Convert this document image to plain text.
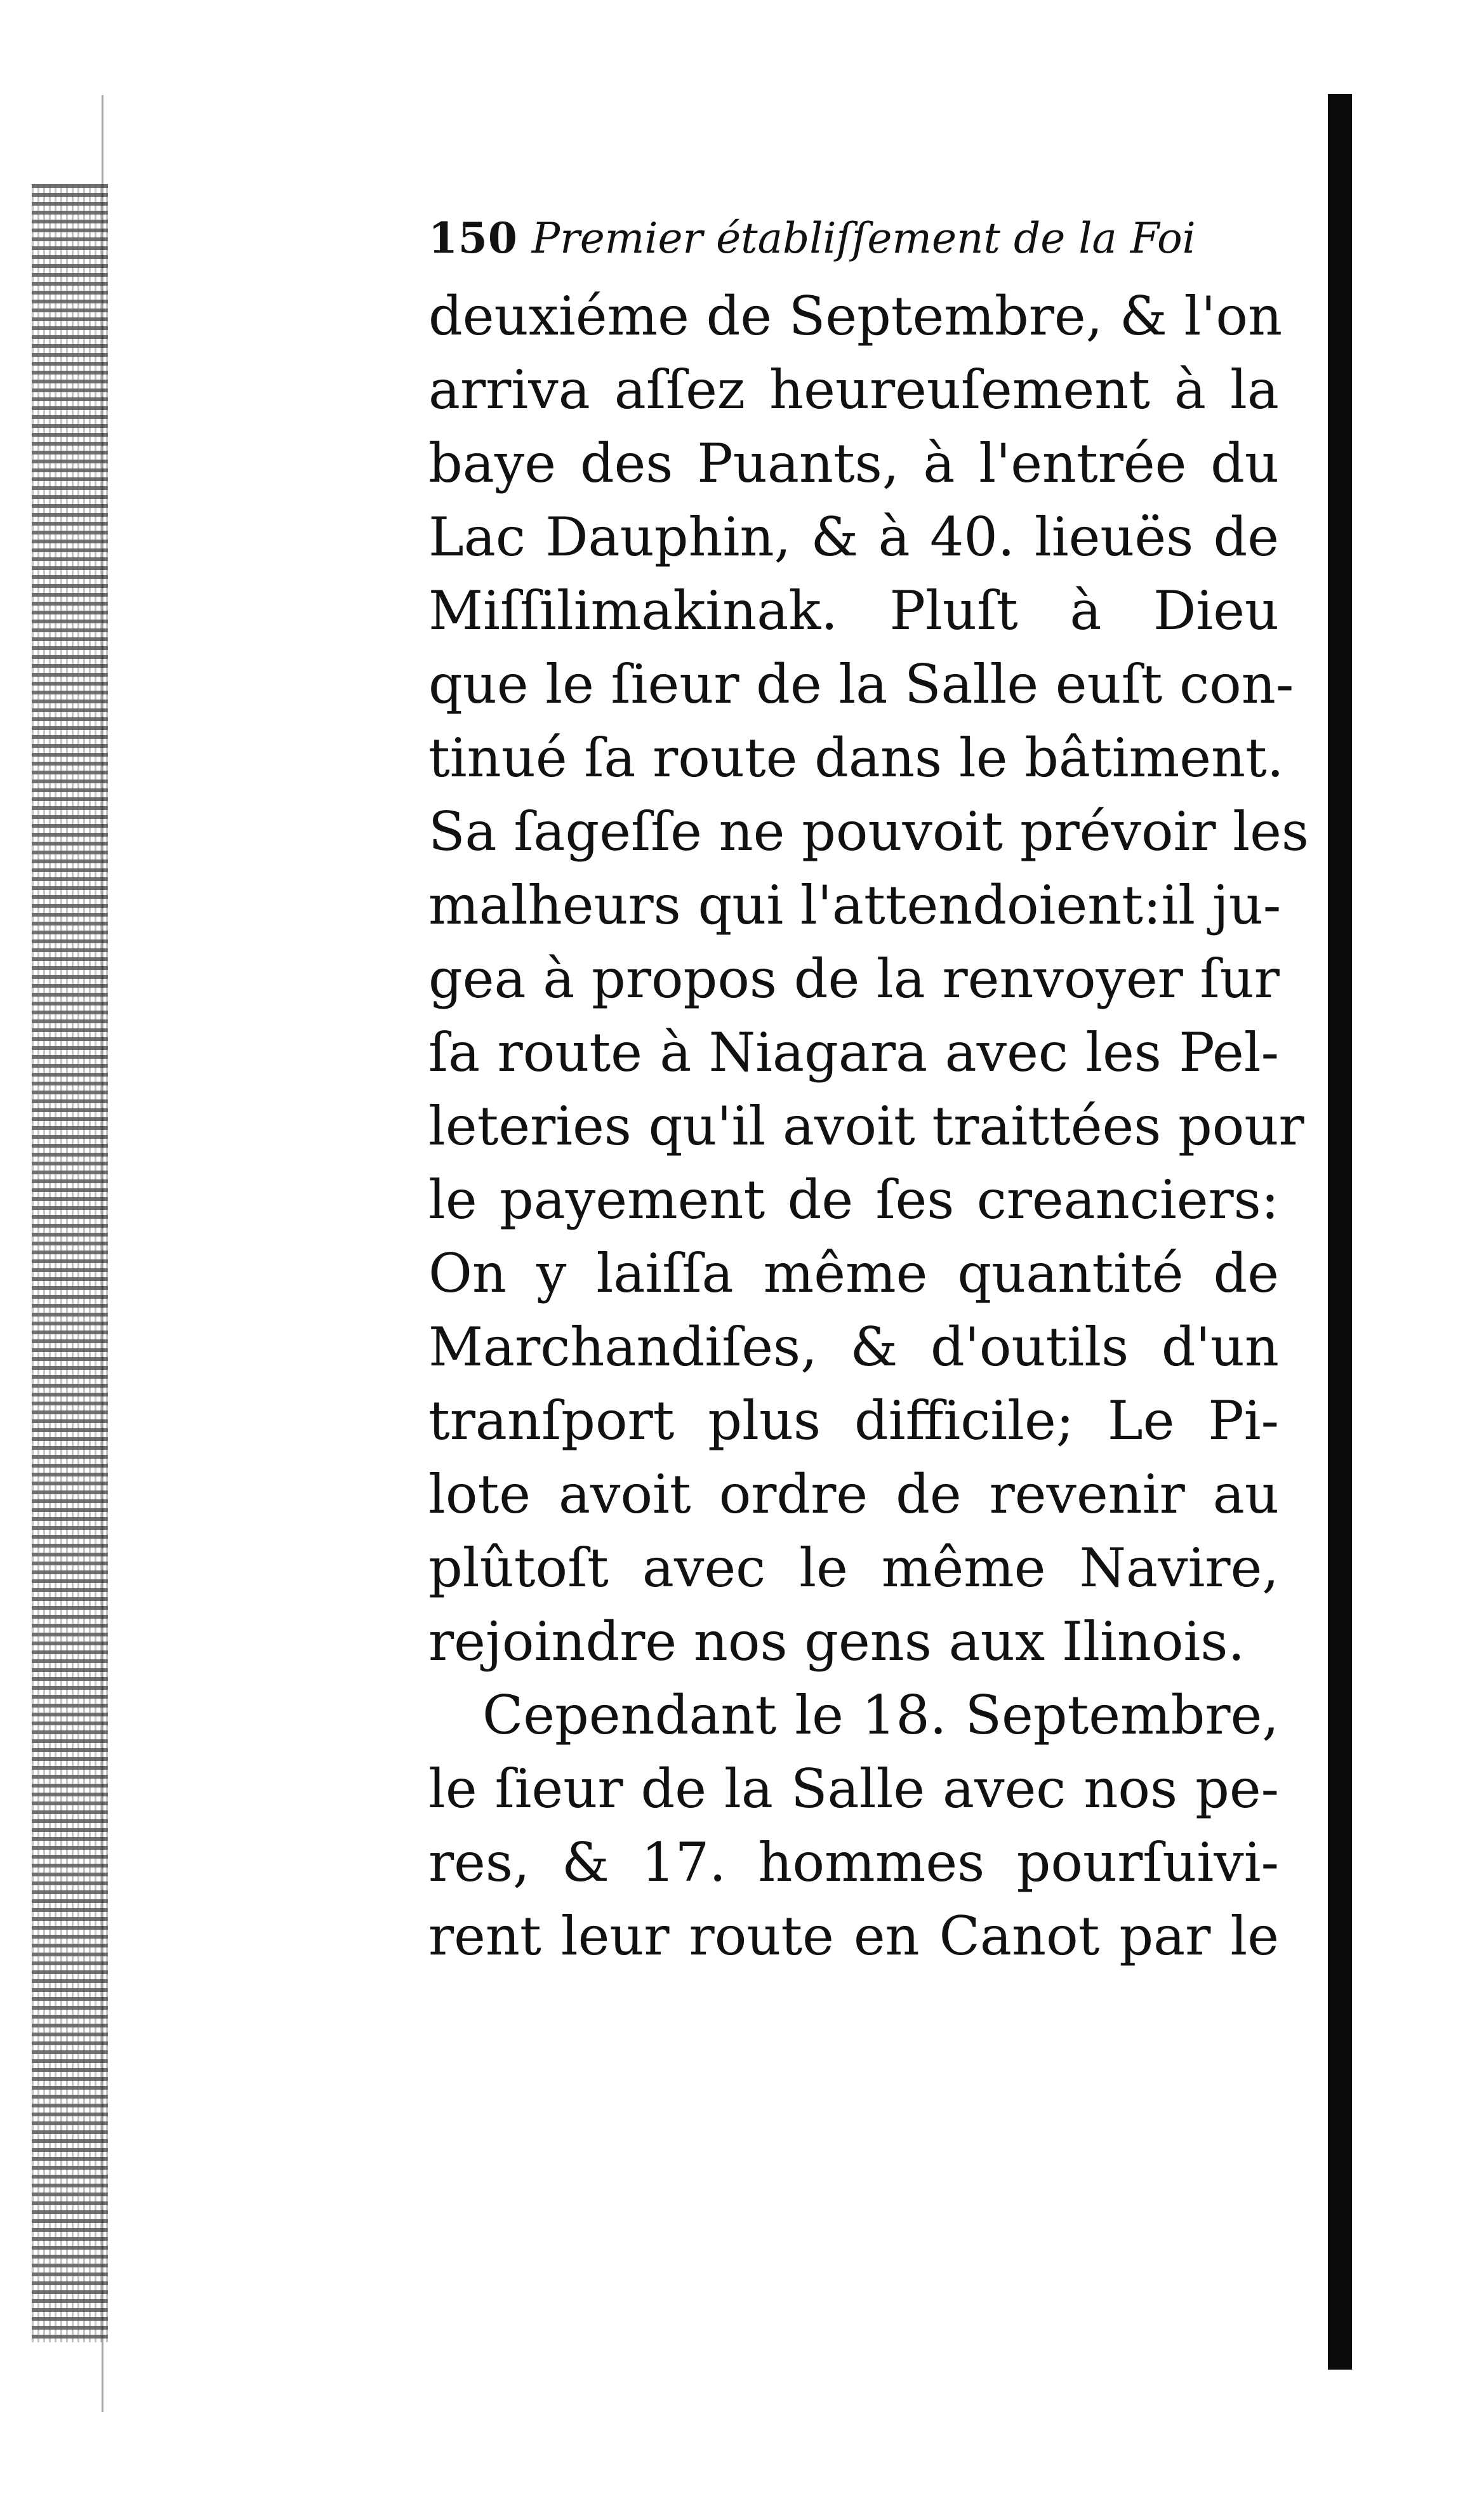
150 Premier établiſſement de la Foi
deuxiéme de Septembre, & l'on
arriva aſſez heureuſement à la
baye des Puants, à l'entrée du
Lac Dauphin, & à 40. lieuës de
Miſſilimakinak. Pluſt à Dieu
que le ſieur de la Salle euſt con-
tinué ſa route dans le bâtiment.
Sa ſageſſe ne pouvoit prévoir les
malheurs qui l'attendoient:il ju-
gea à propos de la renvoyer ſur
ſa route à Niagara avec les Pel-
leteries qu'il avoit traittées pour
le payement de ſes creanciers:
On y laiſſa même quantité de
Marchandiſes, & d'outils d'un
tranſport plus difficile; Le Pi-
lote avoit ordre de revenir au
plûtoſt avec le même Navire,
rejoindre nos gens aux Ilinois.
Cependant le 18. Septembre,
le ſieur de la Salle avec nos pe-
res, & 17. hommes pourſuivi-
rent leur route en Canot par le
